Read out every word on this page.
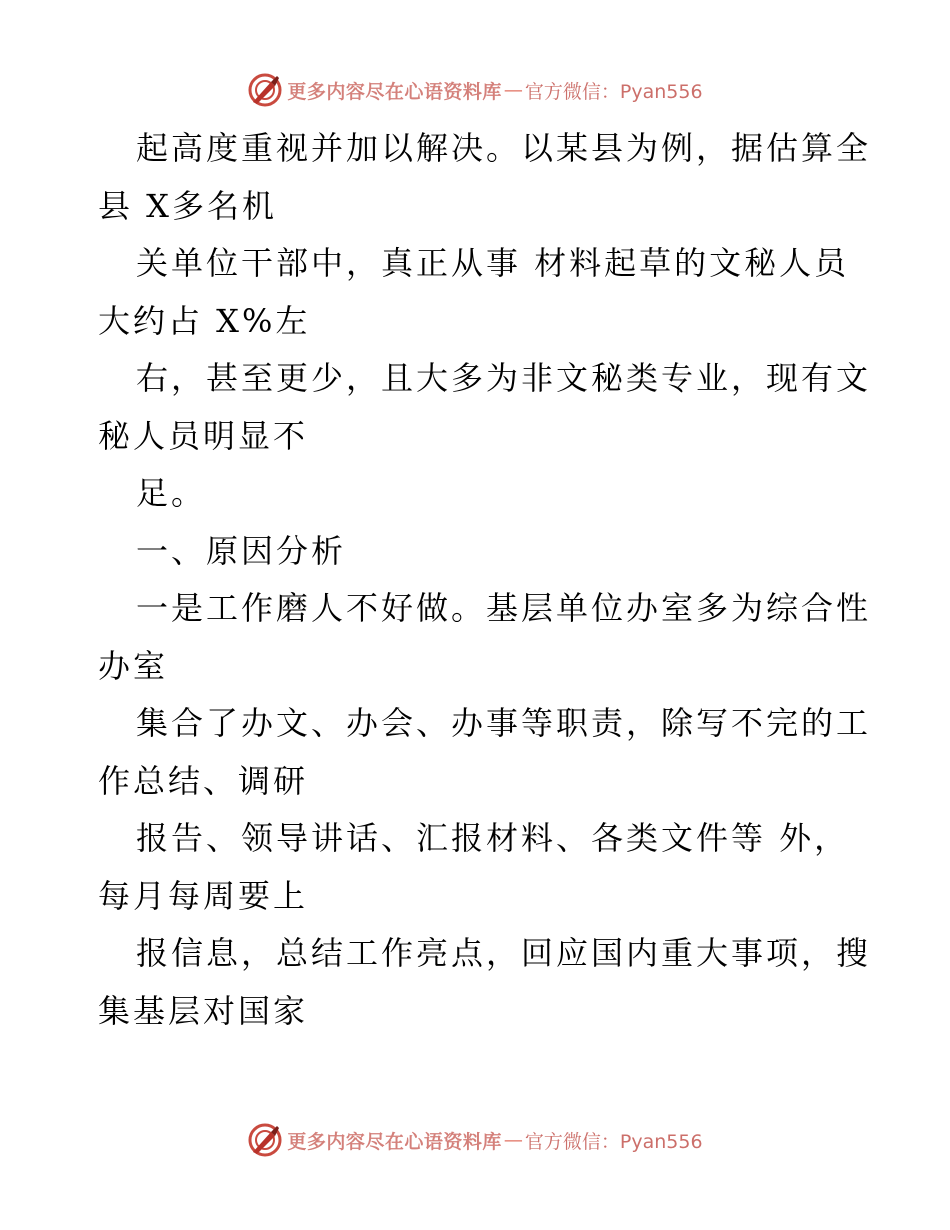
更多内容尽在心语资料库 — 官方微信：Pyan556

起高度重视并加以解决。以某县为例，据估算全

县 X多名机

关单位干部中，真正从事 材料起草的文秘人员

大约占 X%左

右，甚至更少，且大多为非文秘类专业，现有文

秘人员明显不

足。

一、原因分析

一是工作磨人不好做。基层单位办室多为综合性

办室

集合了办文、办会、办事等职责，除写不完的工

作总结、调研

报告、领导讲话、汇报材料、各类文件等 外，

每月每周要上

报信息，总结工作亮点，回应国内重大事项，搜

集基层对国家

更多内容尽在心语资料库 — 官方微信：Pyan556
